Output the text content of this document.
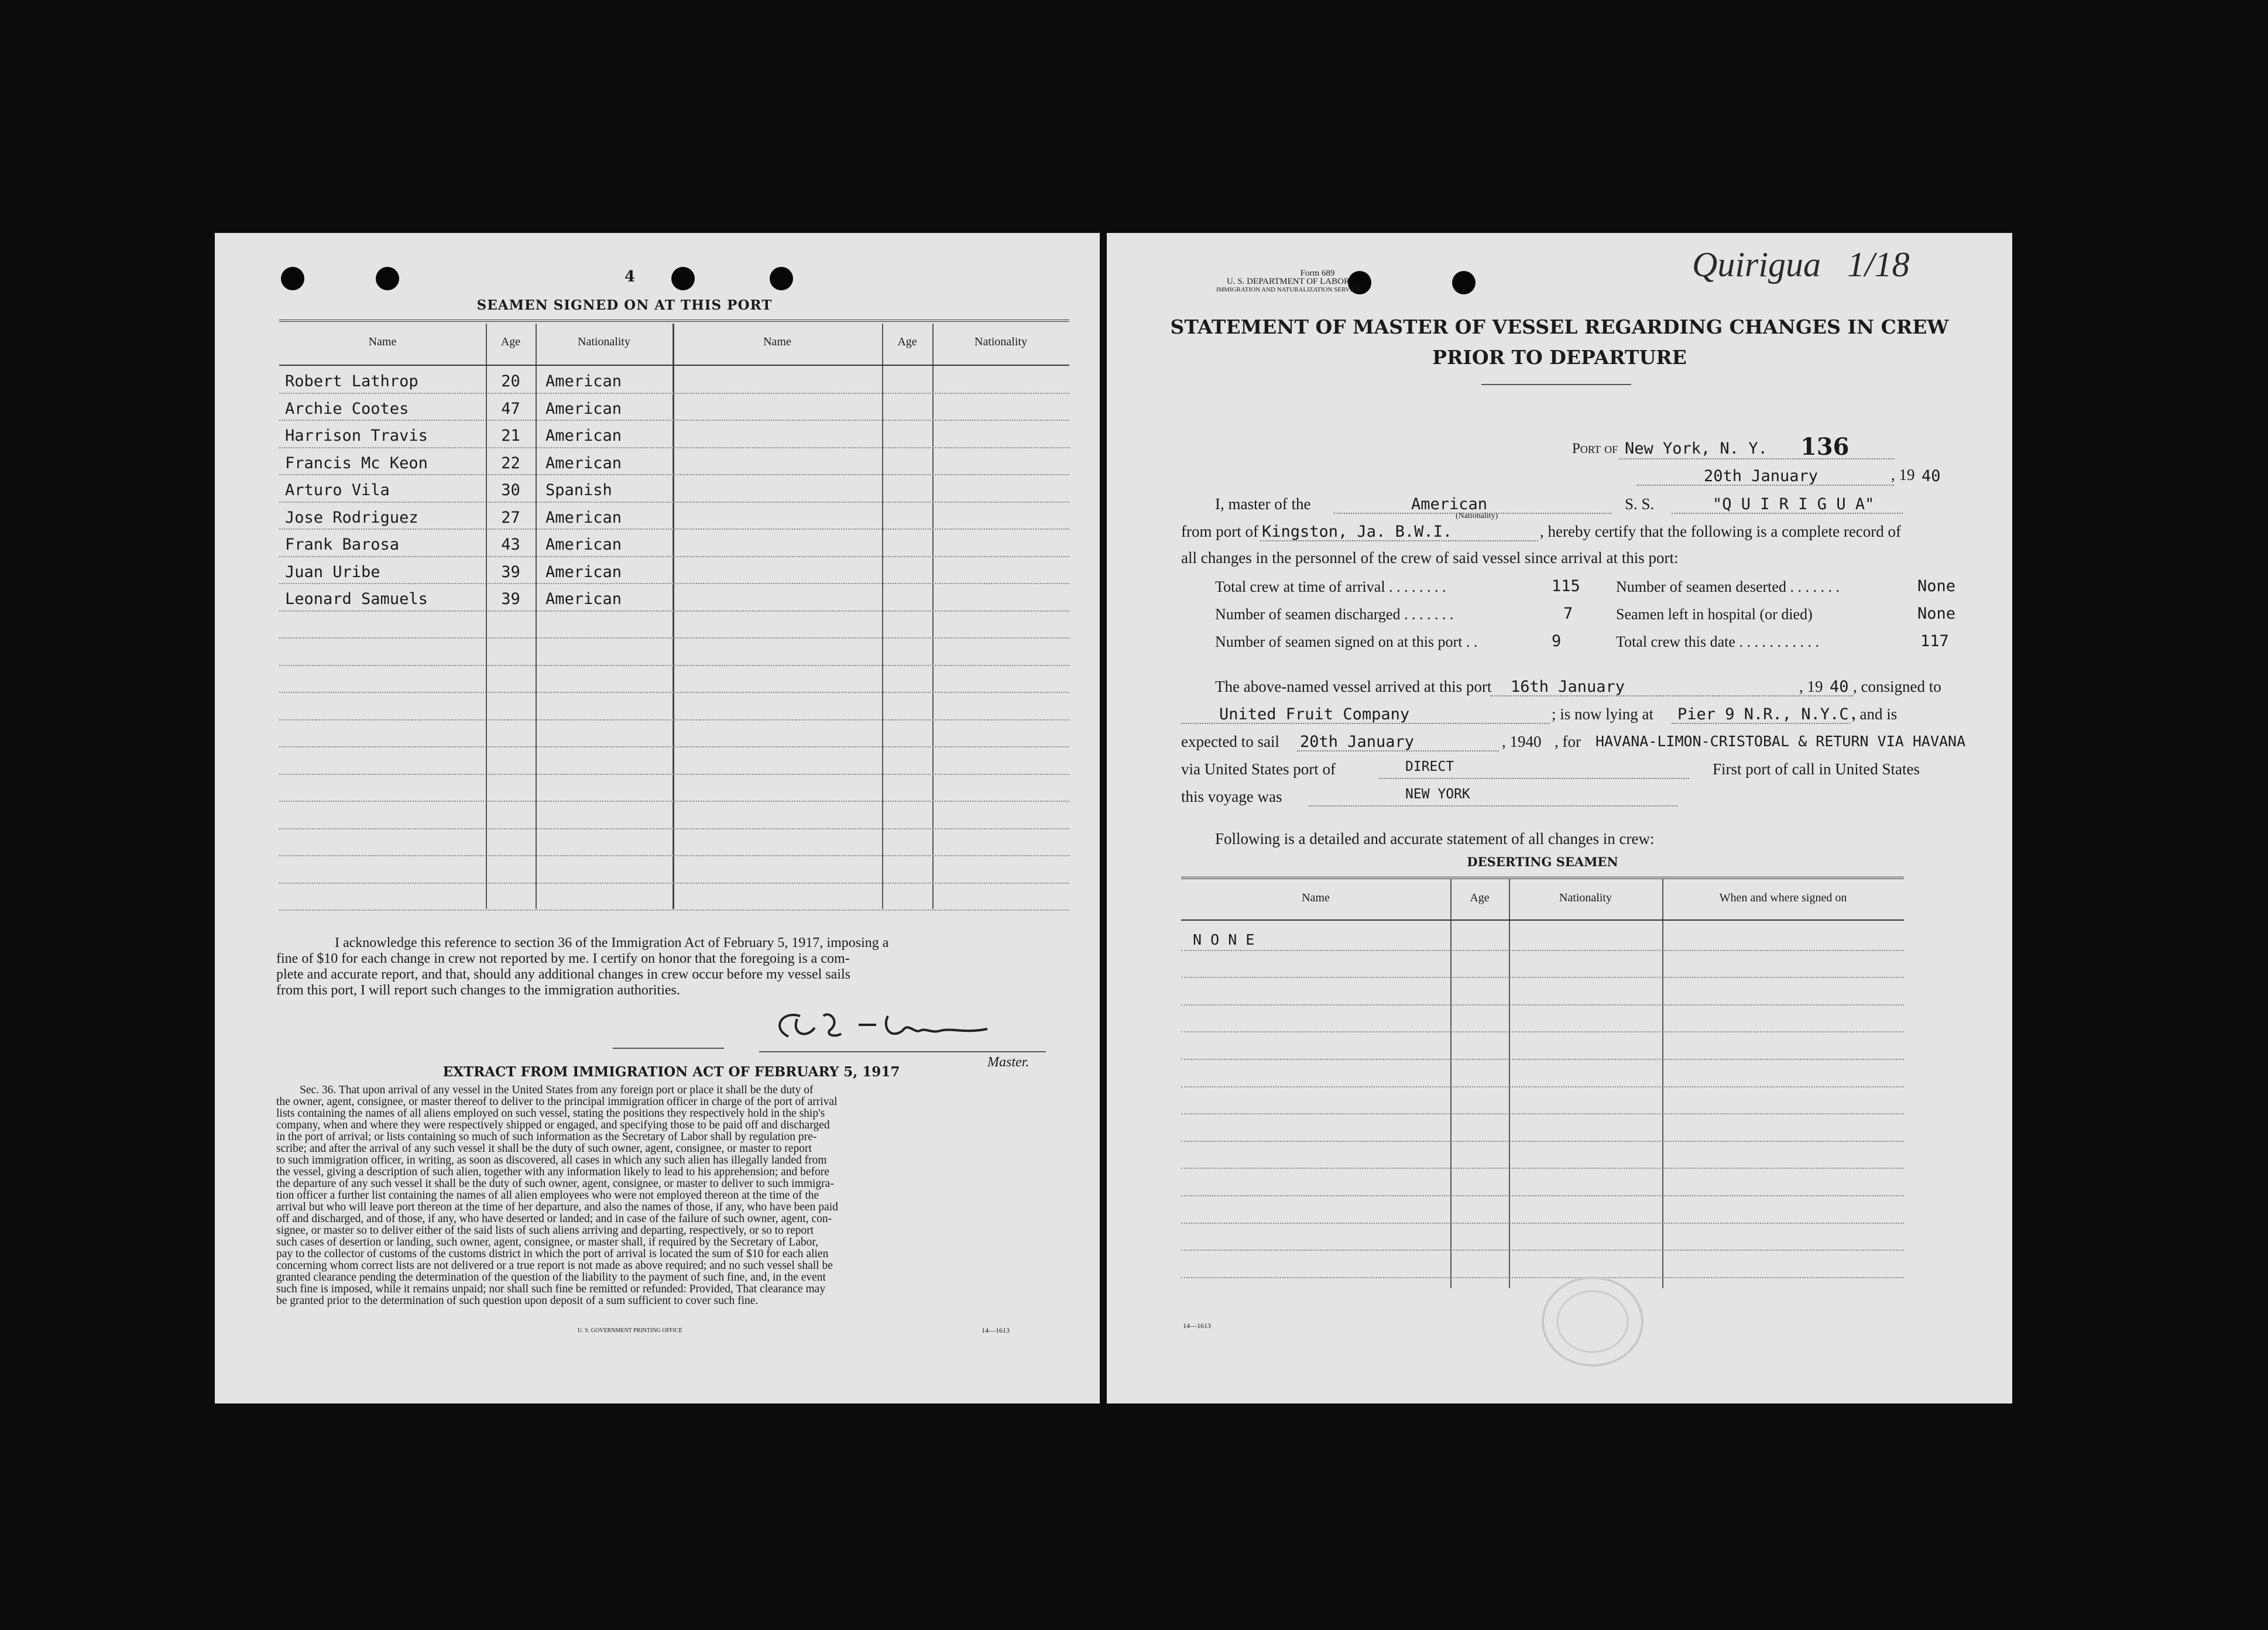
4
SEAMEN SIGNED ON AT THIS PORT
Name	Age	Nationality	Name	Age	Nationality
Robert Lathrop	20	American
Archie Cootes	47	American
Harrison Travis	21	American
Francis Mc Keon	22	American
Arturo Vila	30	Spanish
Jose Rodriguez	27	American
Frank Barosa	43	American
Juan Uribe	39	American
Leonard Samuels	39	American
I acknowledge this reference to section 36 of the Immigration Act of February 5, 1917, imposing a
fine of $10 for each change in crew not reported by me. I certify on honor that the foregoing is a com-
plete and accurate report, and that, should any additional changes in crew occur before my vessel sails
from this port, I will report such changes to the immigration authorities.
Master.
EXTRACT FROM IMMIGRATION ACT OF FEBRUARY 5, 1917
Sec. 36. That upon arrival of any vessel in the United States from any foreign port or place it shall be the duty of
the owner, agent, consignee, or master thereof to deliver to the principal immigration officer in charge of the port of arrival
lists containing the names of all aliens employed on such vessel, stating the positions they respectively hold in the ship's
company, when and where they were respectively shipped or engaged, and specifying those to be paid off and discharged
in the port of arrival; or lists containing so much of such information as the Secretary of Labor shall by regulation pre-
scribe; and after the arrival of any such vessel it shall be the duty of such owner, agent, consignee, or master to report
to such immigration officer, in writing, as soon as discovered, all cases in which any such alien has illegally landed from
the vessel, giving a description of such alien, together with any information likely to lead to his apprehension; and before
the departure of any such vessel it shall be the duty of such owner, agent, consignee, or master to deliver to such immigra-
tion officer a further list containing the names of all alien employees who were not employed thereon at the time of the
arrival but who will leave port thereon at the time of her departure, and also the names of those, if any, who have been paid
off and discharged, and of those, if any, who have deserted or landed; and in case of the failure of such owner, agent, con-
signee, or master so to deliver either of the said lists of such aliens arriving and departing, respectively, or so to report
such cases of desertion or landing, such owner, agent, consignee, or master shall, if required by the Secretary of Labor,
pay to the collector of customs of the customs district in which the port of arrival is located the sum of $10 for each alien
concerning whom correct lists are not delivered or a true report is not made as above required; and no such vessel shall be
granted clearance pending the determination of the question of the liability to the payment of such fine, and, in the event
such fine is imposed, while it remains unpaid; nor shall such fine be remitted or refunded: Provided, That clearance may
be granted prior to the determination of such question upon deposit of a sum sufficient to cover such fine.
U. S. GOVERNMENT PRINTING OFFICE	14—1613
Quirigua 1/18
Form 689
U. S. DEPARTMENT OF LABOR
IMMIGRATION AND NATURALIZATION SERVICE
STATEMENT OF MASTER OF VESSEL REGARDING CHANGES IN CREW
PRIOR TO DEPARTURE
Port of New York, N. Y. 136
20th January	, 19 40
I, master of the	American
(Nationality)
S. S.	"Q U I R I G U A"
from port of Kingston, Ja. B.W.I.	, hereby certify that the following is a complete record of
all changes in the personnel of the crew of said vessel since arrival at this port:
Total crew at time of arrival . . . . . . . .	115 Number of seamen deserted . . . . . . .	None
Number of seamen discharged . . . . . . .	7	Seamen left in hospital (or died)	None
Number of seamen signed on at this port . .	9	Total crew this date . . . . . . . . . . .	117
The above-named vessel arrived at this port 16th January	, 19 40 , consigned to
United Fruit Company	; is now lying at Pier 9 N.R., N.Y.C.
, and is
expected to sail 20th January	, 1940 , for HAVANA-LIMON-CRISTOBAL & RETURN VIA HAVANA
via United States port of	DIRECT	First port of call in United States
this voyage was	NEW YORK
Following is a detailed and accurate statement of all changes in crew:
DESERTING SEAMEN
Name	Age	Nationality	When and where signed on
N O N E
14—1613
